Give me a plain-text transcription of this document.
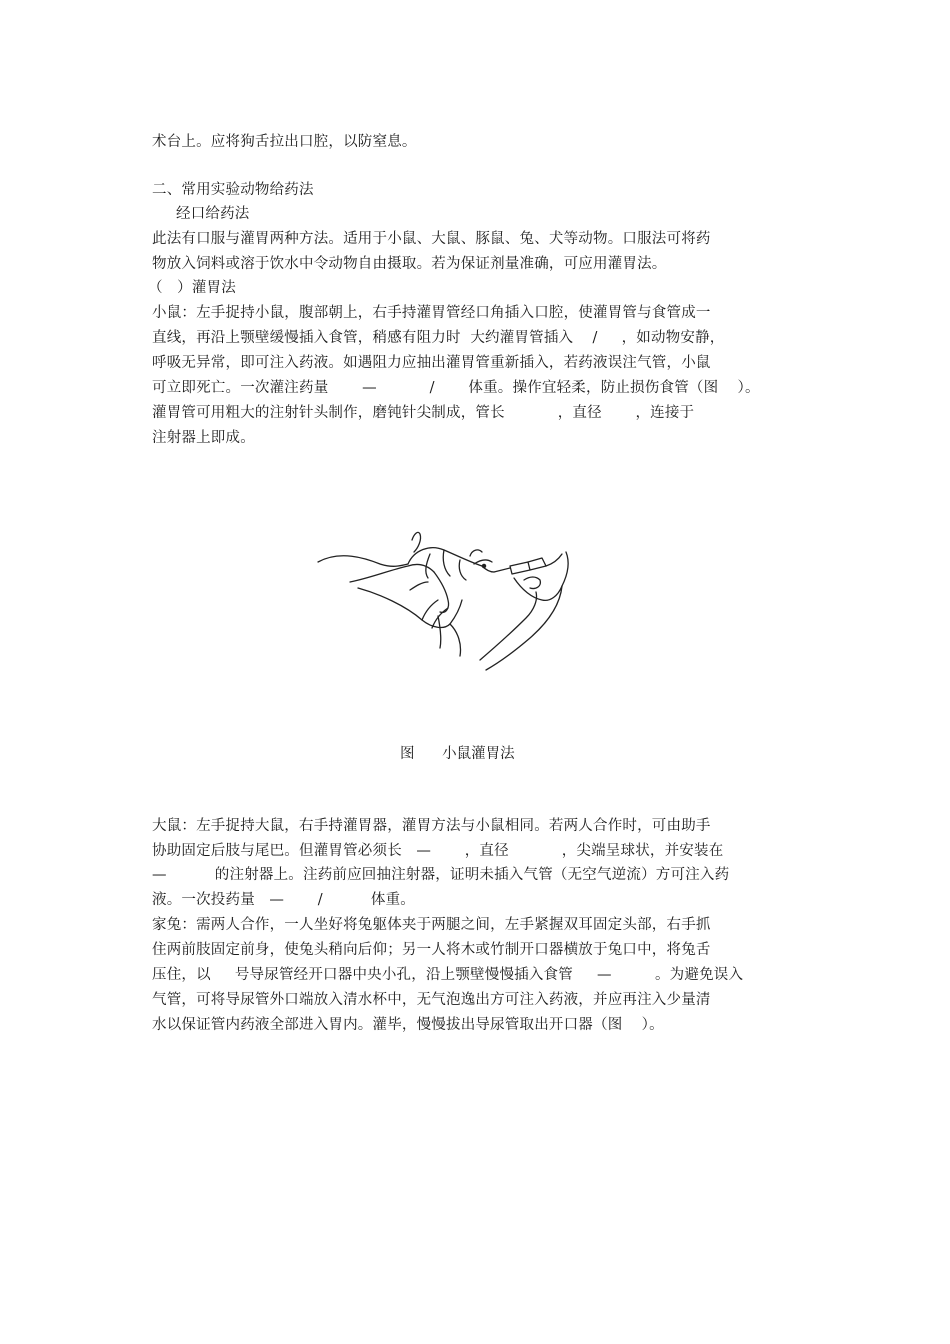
术台上。应将狗舌拉出口腔，以防窒息。
二、常用实验动物给药法
经口给药法
此法有口服与灌胃两种方法。适用于小鼠、大鼠、豚鼠、兔、犬等动物。口服法可将药
物放入饲料或溶于饮水中令动物自由摄取。若为保证剂量准确，可应用灌胃法。
（   ）灌胃法
小鼠：左手捉持小鼠，腹部朝上，右手持灌胃管经口角插入口腔，使灌胃管与食管成一
直线，再沿上颚壁缓慢插入食管，稍感有阻力时  大约灌胃管插入    /     ，如动物安静，
呼吸无异常，即可注入药液。如遇阻力应抽出灌胃管重新插入，若药液误注气管，小鼠
可立即死亡。一次灌注药量       —           /       体重。操作宜轻柔，防止损伤食管（图    ）。
灌胃管可用粗大的注射针头制作，磨钝针尖制成，管长           ，直径       ，连接于
注射器上即成。
图      小鼠灌胃法
大鼠：左手捉持大鼠，右手持灌胃器，灌胃方法与小鼠相同。若两人合作时，可由助手
协助固定后肢与尾巴。但灌胃管必须长   —       ，直径           ，尖端呈球状，并安装在
—          的注射器上。注药前应回抽注射器，证明未插入气管（无空气逆流）方可注入药
液。一次投药量   —       /          体重。
家兔：需两人合作，一人坐好将兔躯体夹于两腿之间，左手紧握双耳固定头部，右手抓
住两前肢固定前身，使兔头稍向后仰；另一人将木或竹制开口器横放于兔口中，将兔舌
压住，以     号导尿管经开口器中央小孔，沿上颚壁慢慢插入食管     —         。为避免误入
气管，可将导尿管外口端放入清水杯中，无气泡逸出方可注入药液，并应再注入少量清
水以保证管内药液全部进入胃内。灌毕，慢慢拔出导尿管取出开口器（图    ）。
